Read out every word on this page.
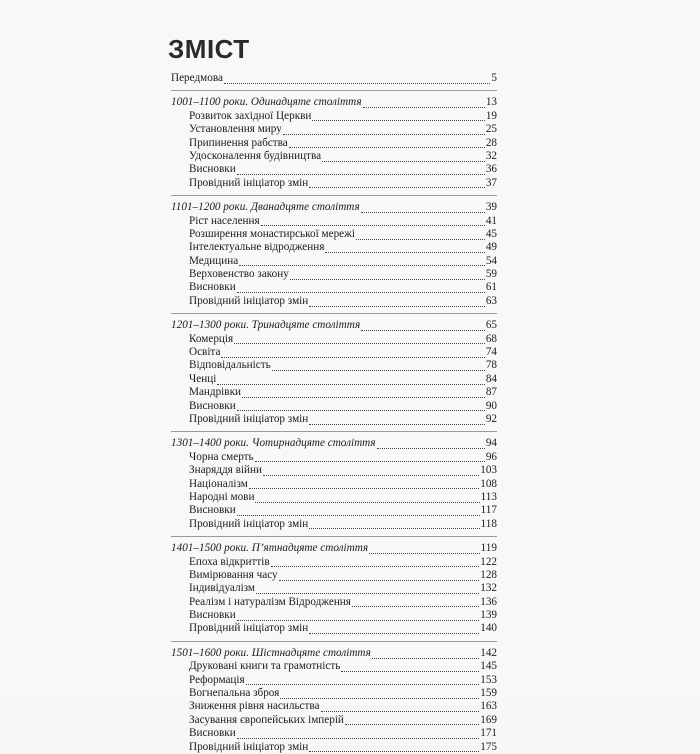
ЗМІСТ
Передмова	5
1001–1100 роки. Одинадцяте століття	13
Розвиток західної Церкви	19
Установлення миру	25
Припинення рабства	28
Удосконалення будівництва	32
Висновки	36
Провідний ініціатор змін	37
1101–1200 роки. Дванадцяте століття	39
Ріст населення	41
Розширення монастирської мережі	45
Інтелектуальне відродження	49
Медицина	54
Верховенство закону	59
Висновки	61
Провідний ініціатор змін	63
1201–1300 роки. Тринадцяте століття	65
Комерція	68
Освіта	74
Відповідальність	78
Ченці	84
Мандрівки	87
Висновки	90
Провідний ініціатор змін	92
1301–1400 роки. Чотирнадцяте століття	94
Чорна смерть	96
Знаряддя війни	103
Націоналізм	108
Народні мови	113
Висновки	117
Провідний ініціатор змін	118
1401–1500 роки. П’ятнадцяте століття	119
Епоха відкриттів	122
Вимірювання часу	128
Індивідуалізм	132
Реалізм і натуралізм Відродження	136
Висновки	139
Провідний ініціатор змін	140
1501–1600 роки. Шістнадцяте століття	142
Друковані книги та грамотність	145
Реформація	153
Вогнепальна зброя	159
Зниження рівня насильства	163
Засування європейських імперій	169
Висновки	171
Провідний ініціатор змін	175
